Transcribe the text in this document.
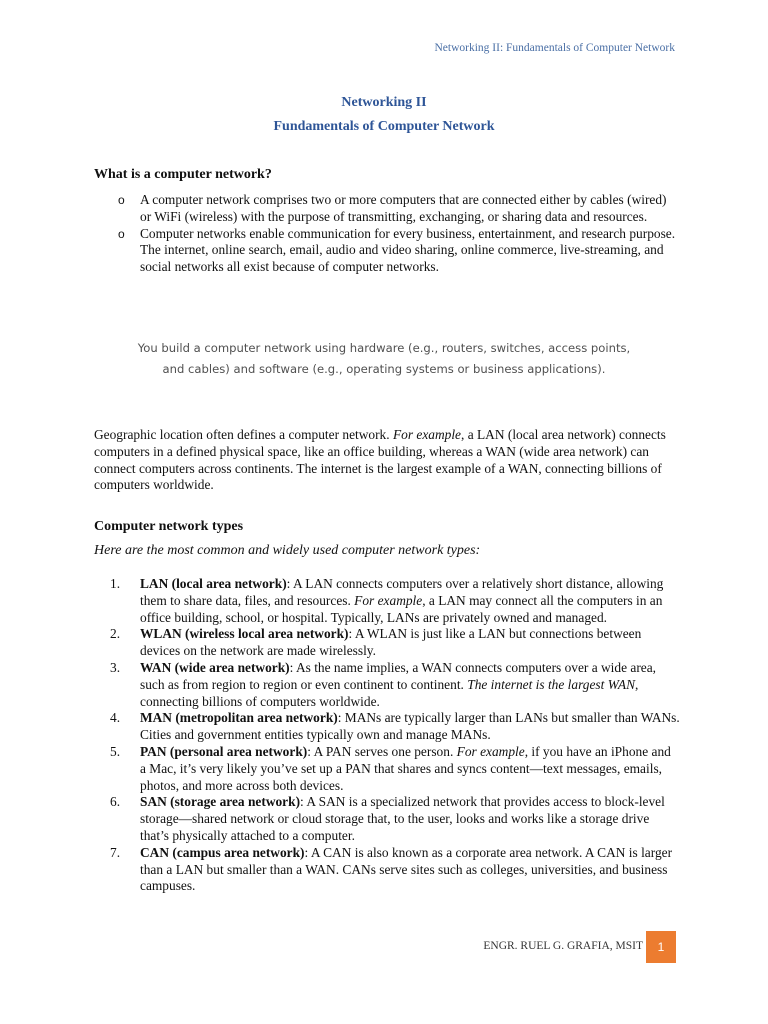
Networking II: Fundamentals of Computer Network
Networking II
Fundamentals of Computer Network
What is a computer network?
o A computer network comprises two or more computers that are connected either by cables (wired) or WiFi (wireless) with the purpose of transmitting, exchanging, or sharing data and resources.
o Computer networks enable communication for every business, entertainment, and research purpose. The internet, online search, email, audio and video sharing, online commerce, live-streaming, and social networks all exist because of computer networks.
You build a computer network using hardware (e.g., routers, switches, access points, and cables) and software (e.g., operating systems or business applications).
Geographic location often defines a computer network. For example, a LAN (local area network) connects computers in a defined physical space, like an office building, whereas a WAN (wide area network) can connect computers across continents. The internet is the largest example of a WAN, connecting billions of computers worldwide.
Computer network types
Here are the most common and widely used computer network types:
1. LAN (local area network): A LAN connects computers over a relatively short distance, allowing them to share data, files, and resources. For example, a LAN may connect all the computers in an office building, school, or hospital. Typically, LANs are privately owned and managed.
2. WLAN (wireless local area network): A WLAN is just like a LAN but connections between devices on the network are made wirelessly.
3. WAN (wide area network): As the name implies, a WAN connects computers over a wide area, such as from region to region or even continent to continent. The internet is the largest WAN, connecting billions of computers worldwide.
4. MAN (metropolitan area network): MANs are typically larger than LANs but smaller than WANs. Cities and government entities typically own and manage MANs.
5. PAN (personal area network): A PAN serves one person. For example, if you have an iPhone and a Mac, it’s very likely you’ve set up a PAN that shares and syncs content—text messages, emails, photos, and more across both devices.
6. SAN (storage area network): A SAN is a specialized network that provides access to block-level storage—shared network or cloud storage that, to the user, looks and works like a storage drive that’s physically attached to a computer.
7. CAN (campus area network): A CAN is also known as a corporate area network. A CAN is larger than a LAN but smaller than a WAN. CANs serve sites such as colleges, universities, and business campuses.
ENGR. RUEL G. GRAFIA, MSIT	1
